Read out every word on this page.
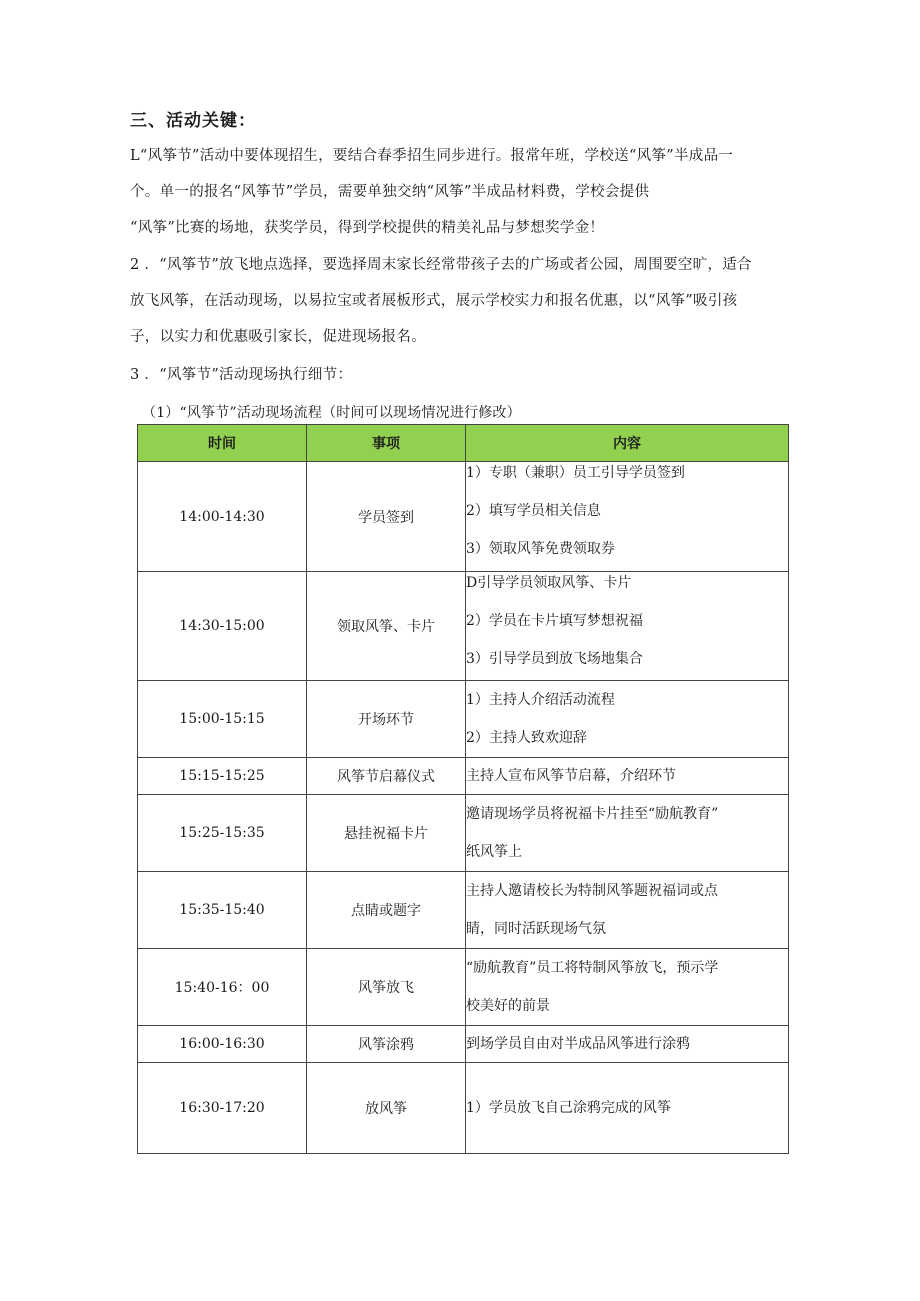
三、活动关键：
L“风筝节”活动中要体现招生，要结合春季招生同步进行。报常年班，学校送“风筝”半成品一
个。单一的报名“风筝节”学员，需要单独交纳“风筝”半成品材料费，学校会提供
“风筝”比赛的场地，获奖学员，得到学校提供的精美礼品与梦想奖学金！
2 ．“风筝节”放飞地点选择，要选择周末家长经常带孩子去的广场或者公园，周围要空旷，适合
放飞风筝，在活动现场，以易拉宝或者展板形式，展示学校实力和报名优惠，以“风筝”吸引孩
子，以实力和优惠吸引家长，促进现场报名。
3 ．“风筝节”活动现场执行细节：
（1）“风筝节”活动现场流程（时间可以现场情况进行修改）
时间	事项	内容
14:00-14:30	学员签到	1）专职（兼职）员工引导学员签到
2）填写学员相关信息
3）领取风筝免费领取券

14:30-15:00	领取风筝、卡片	D引导学员领取风筝、卡片
2）学员在卡片填写梦想祝福
3）引导学员到放飞场地集合

15:00-15:15	开场环节	1）主持人介绍活动流程
2）主持人致欢迎辞

15:15-15:25	风筝节启幕仪式	主持人宣布风筝节启幕，介绍环节

15:25-15:35	悬挂祝福卡片	邀请现场学员将祝福卡片挂至“励航教育”
纸风筝上

15:35-15:40	点睛或题字	主持人邀请校长为特制风筝题祝福词或点
睛，同时活跃现场气氛

15:40-16：00	风筝放飞	“励航教育”员工将特制风筝放飞，预示学
校美好的前景

16:00-16:30	风筝涂鸦	到场学员自由对半成品风筝进行涂鸦

16:30-17:20	放风筝	1）学员放飞自己涂鸦完成的风筝
